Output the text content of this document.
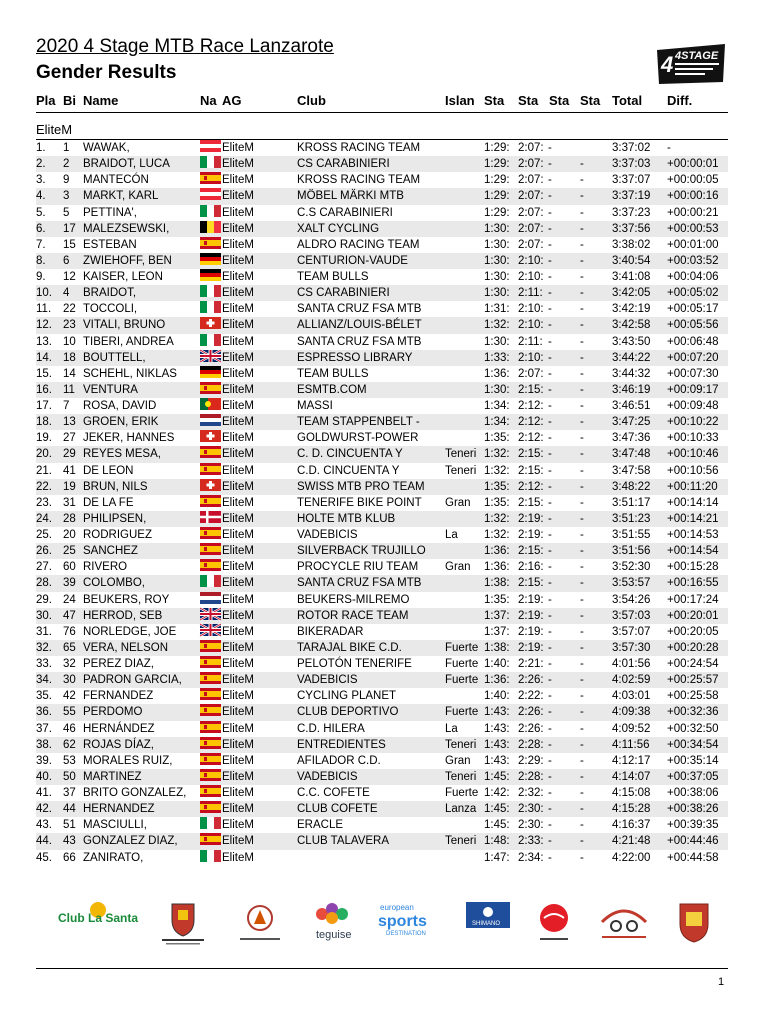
2020 4 Stage MTB Race Lanzarote
Gender Results	4 4STAGE
Pla Bi Name	Na AG	Club	Islan Sta Sta Sta Sta Total Diff.
EliteM
1.	1	WAWAK,	EliteM	KROSS RACING TEAM	1:29: 2:07: -	3:37:02	-
2.	2	BRAIDOT, LUCA	EliteM	CS CARABINIERI	1:29: 2:07: -	-	3:37:03	+00:00:01
3.	9	MANTECÓN	EliteM	KROSS RACING TEAM	1:29: 2:07: -	-	3:37:07	+00:00:05
4.	3	MARKT, KARL	EliteM	MÖBEL MÄRKI MTB	1:29: 2:07: -	-	3:37:19	+00:00:16
5.	5	PETTINA',	EliteM	C.S CARABINIERI	1:29: 2:07: -	-	3:37:23	+00:00:21
6.	17 MALEZSEWSKI,	EliteM	XALT CYCLING	1:30: 2:07: -	-	3:37:56	+00:00:53
7.	15 ESTEBAN	EliteM	ALDRO RACING TEAM	1:30: 2:07: -	-	3:38:02	+00:01:00
8.	6	ZWIEHOFF, BEN	EliteM	CENTURION-VAUDE	1:30: 2:10: -	-	3:40:54	+00:03:52
9.	12 KAISER, LEON	EliteM	TEAM BULLS	1:30: 2:10: -	-	3:41:08	+00:04:06
10. 4	BRAIDOT,	EliteM	CS CARABINIERI	1:30: 2:11: -	-	3:42:05	+00:05:02
11.	22 TOCCOLI,	EliteM	SANTA CRUZ FSA MTB	1:31: 2:10: -	-	3:42:19	+00:05:17
12. 23 VITALI, BRUNO	EliteM	ALLIANZ/LOUIS-BÉLET	1:32: 2:10: -	-	3:42:58	+00:05:56
13. 10 TIBERI, ANDREA	EliteM	SANTA CRUZ FSA MTB	1:30: 2:11: -	-	3:43:50	+00:06:48
14. 18 BOUTTELL,	EliteM	ESPRESSO LIBRARY	1:33: 2:10: -	-	3:44:22	+00:07:20
15. 14 SCHEHL, NIKLAS	EliteM	TEAM BULLS	1:36: 2:07: -	-	3:44:32	+00:07:30
16. 11 VENTURA	EliteM	ESMTB.COM	1:30: 2:15: -	-	3:46:19	+00:09:17
17. 7	ROSA, DAVID	EliteM	MASSI	1:34: 2:12: -	-	3:46:51	+00:09:48
18. 13 GROEN, ERIK	EliteM	TEAM STAPPENBELT -	1:34: 2:12: -	-	3:47:25	+00:10:22
19. 27 JEKER, HANNES	EliteM	GOLDWURST-POWER	1:35: 2:12: -	-	3:47:36	+00:10:33
20. 29 REYES MESA,	EliteM	C. D. CINCUENTA Y	Teneri 1:32: 2:15: -	-	3:47:48	+00:10:46
21. 41 DE LEON	EliteM	C.D. CINCUENTA Y	Teneri 1:32: 2:15: -	-	3:47:58	+00:10:56
22. 19 BRUN, NILS	EliteM	SWISS MTB PRO TEAM	1:35: 2:12: -	-	3:48:22	+00:11:20
23. 31 DE LA FE	EliteM	TENERIFE BIKE POINT	Gran	1:35: 2:15: -	-	3:51:17	+00:14:14
24. 28 PHILIPSEN,	EliteM	HOLTE MTB KLUB	1:32: 2:19: -	-	3:51:23	+00:14:21
25. 20 RODRIGUEZ	EliteM	VADEBICIS	La	1:32: 2:19: -	-	3:51:55	+00:14:53
26. 25 SANCHEZ	EliteM	SILVERBACK TRUJILLO	1:36: 2:15: -	-	3:51:56	+00:14:54
27. 60 RIVERO	EliteM	PROCYCLE RIU TEAM	Gran	1:36: 2:16: -	-	3:52:30	+00:15:28
28. 39 COLOMBO,	EliteM	SANTA CRUZ FSA MTB	1:38: 2:15: -	-	3:53:57	+00:16:55
29. 24 BEUKERS, ROY	EliteM	BEUKERS-MILREMO	1:35: 2:19: -	-	3:54:26	+00:17:24
30. 47 HERROD, SEB	EliteM	ROTOR RACE TEAM	1:37: 2:19: -	-	3:57:03	+00:20:01
31. 76 NORLEDGE, JOE	EliteM	BIKERADAR	1:37: 2:19: -	-	3:57:07	+00:20:05
32. 65 VERA, NELSON	EliteM	TARAJAL BIKE C.D.	Fuerte 1:38: 2:19: -	-	3:57:30	+00:20:28
33. 32 PEREZ DIAZ,	EliteM	PELOTÓN TENERIFE	Fuerte 1:40: 2:21: -	-	4:01:56	+00:24:54
34. 30 PADRON GARCIA,	EliteM	VADEBICIS	Fuerte 1:36: 2:26: -	-	4:02:59	+00:25:57
35. 42 FERNANDEZ	EliteM	CYCLING PLANET	1:40: 2:22: -	-	4:03:01	+00:25:58
36. 55 PERDOMO	EliteM	CLUB DEPORTIVO	Fuerte 1:43: 2:26: -	-	4:09:38	+00:32:36
37. 46 HERNÁNDEZ	EliteM	C.D. HILERA	La	1:43: 2:26: -	-	4:09:52	+00:32:50
38. 62 ROJAS DÍAZ,	EliteM	ENTREDIENTES	Teneri 1:43: 2:28: -	-	4:11:56	+00:34:54
39. 53 MORALES RUIZ,	EliteM	AFILADOR C.D.	Gran	1:43: 2:29: -	-	4:12:17	+00:35:14
40. 50 MARTINEZ	EliteM	VADEBICIS	Teneri 1:45: 2:28: -	-	4:14:07	+00:37:05
41. 37 BRITO GONZALEZ,	EliteM	C.C. COFETE	Fuerte 1:42: 2:32: -	-	4:15:08	+00:38:06
42. 44 HERNANDEZ	EliteM	CLUB COFETE	Lanza 1:45: 2:30: -	-	4:15:28	+00:38:26
43. 51 MASCIULLI,	EliteM	ERACLE	1:45: 2:30: -	-	4:16:37	+00:39:35
44. 43 GONZALEZ DIAZ,	EliteM	CLUB TALAVERA	Teneri 1:48: 2:33: -	-	4:21:48	+00:44:46
45. 66 ZANIRATO,	EliteM	1:47: 2:34: -	-	4:22:00	+00:44:58
Club La Santa
teguise
european
sports
DESTINATION
SHIMANO
1
